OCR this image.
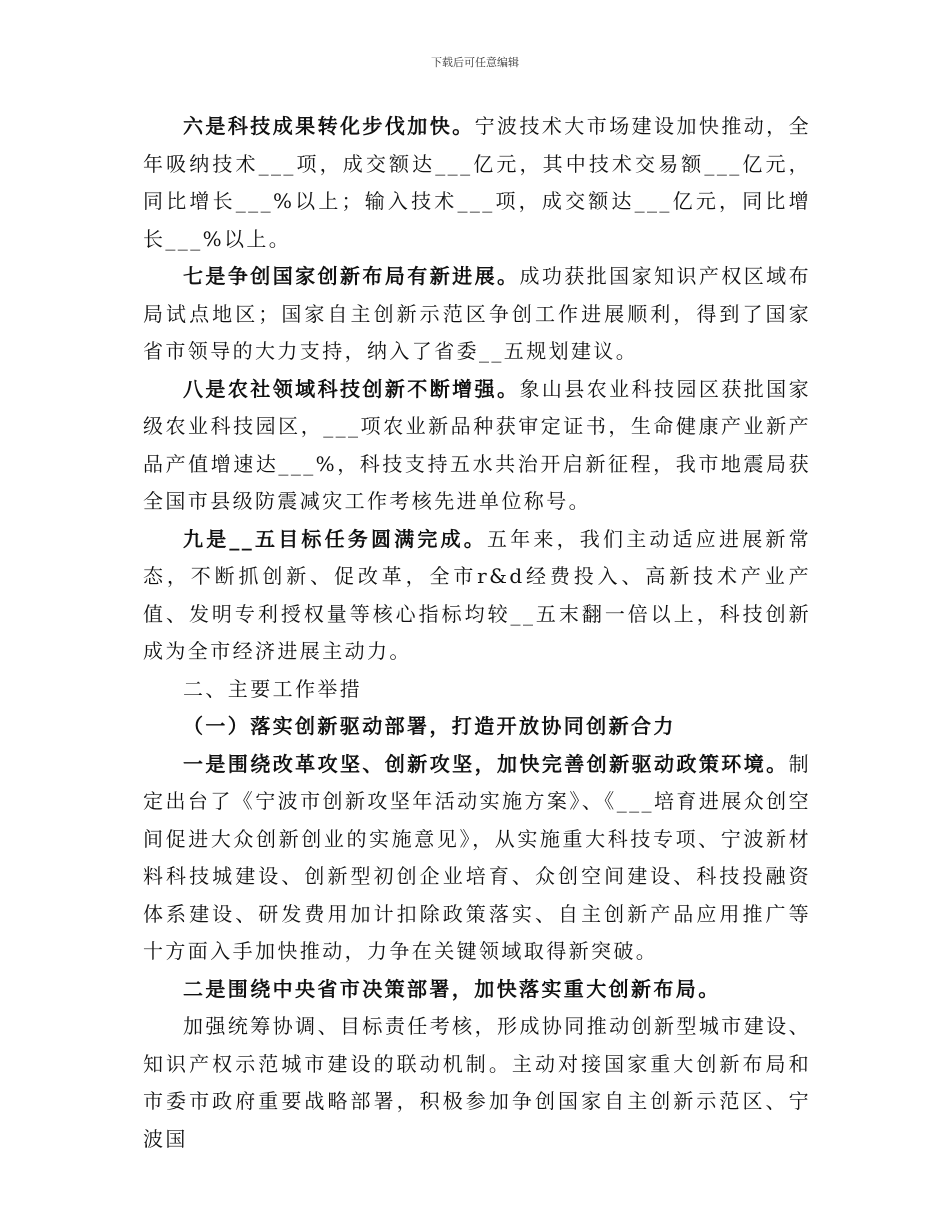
下载后可任意编辑

六是科技成果转化步伐加快。宁波技术大市场建设加快推动，全年吸纳技术___项，成交额达___亿元，其中技术交易额___亿元，同比增长___%以上；输入技术___项，成交额达___亿元，同比增长___%以上。

七是争创国家创新布局有新进展。成功获批国家知识产权区域布局试点地区；国家自主创新示范区争创工作进展顺利，得到了国家省市领导的大力支持，纳入了省委__五规划建议。

八是农社领域科技创新不断增强。象山县农业科技园区获批国家级农业科技园区，___项农业新品种获审定证书，生命健康产业新产品产值增速达___%，科技支持五水共治开启新征程，我市地震局获全国市县级防震减灾工作考核先进单位称号。

九是__五目标任务圆满完成。五年来，我们主动适应进展新常态，不断抓创新、促改革，全市r&d经费投入、高新技术产业产值、发明专利授权量等核心指标均较__五末翻一倍以上，科技创新成为全市经济进展主动力。

二、主要工作举措

（一）落实创新驱动部署，打造开放协同创新合力

一是围绕改革攻坚、创新攻坚，加快完善创新驱动政策环境。制定出台了《宁波市创新攻坚年活动实施方案》、《___培育进展众创空间促进大众创新创业的实施意见》，从实施重大科技专项、宁波新材料科技城建设、创新型初创企业培育、众创空间建设、科技投融资体系建设、研发费用加计扣除政策落实、自主创新产品应用推广等十方面入手加快推动，力争在关键领域取得新突破。

二是围绕中央省市决策部署，加快落实重大创新布局。

加强统筹协调、目标责任考核，形成协同推动创新型城市建设、知识产权示范城市建设的联动机制。主动对接国家重大创新布局和市委市政府重要战略部署，积极参加争创国家自主创新示范区、宁波国
